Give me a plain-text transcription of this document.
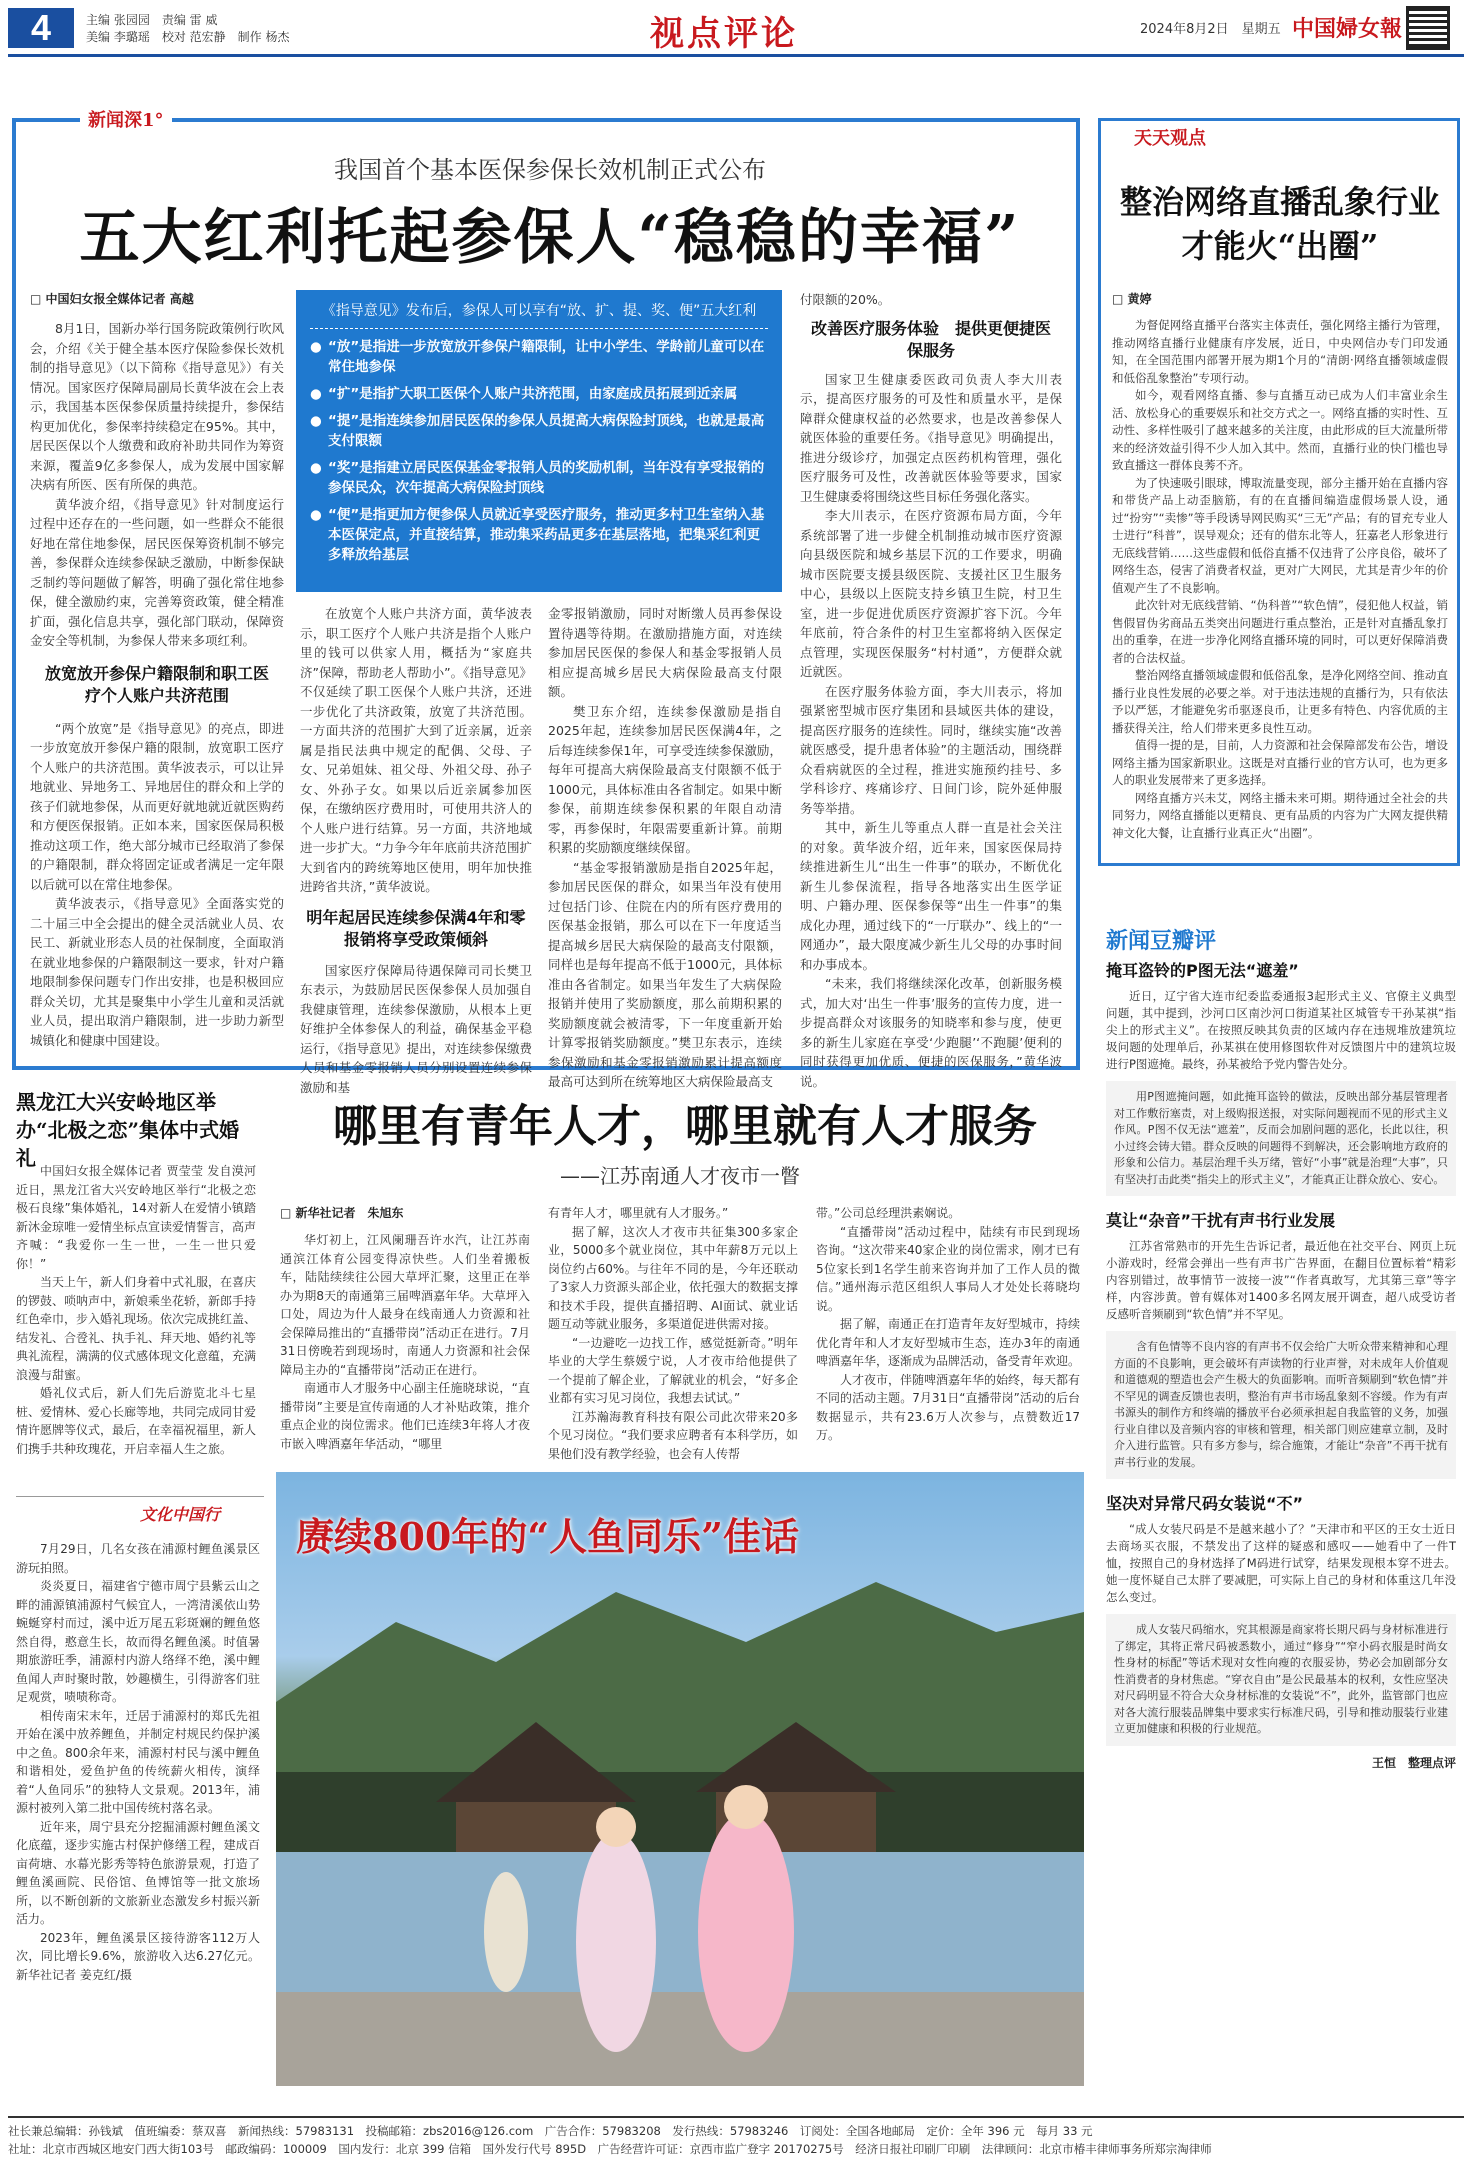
4	主编 张园园　责编 雷 威
美编 李璐瑶　校对 范宏静　制作 杨杰	视点评论	2024年8月2日　星期五 中国婦女報
新闻深1°
我国首个基本医保参保长效机制正式公布
五大红利托起参保人“稳稳的幸福”
□ 中国妇女报全媒体记者 高越

8月1日，国新办举行国务院政策例行吹风会，介绍《关于健全基本医疗保险参保长效机制的指导意见》（以下简称《指导意见》）有关情况。国家医疗保障局副局长黄华波在会上表示，我国基本医保参保质量持续提升，参保结构更加优化，参保率持续稳定在95%。其中，居民医保以个人缴费和政府补助共同作为筹资来源，覆盖9亿多参保人，成为发展中国家解决病有所医、医有所保的典范。

黄华波介绍，《指导意见》针对制度运行过程中还存在的一些问题，如一些群众不能很好地在常住地参保，居民医保筹资机制不够完善，参保群众连续参保缺乏激励，中断参保缺乏制约等问题做了解答，明确了强化常住地参保，健全激励约束，完善筹资政策，健全精准扩面，强化信息共享，强化部门联动，保障资金安全等机制，为参保人带来多项红利。

放宽放开参保户籍限制和职工医疗个人账户共济范围

“两个放宽”是《指导意见》的亮点，即进一步放宽放开参保户籍的限制，放宽职工医疗个人账户的共济范围。黄华波表示，可以让异地就业、异地务工、异地居住的群众和上学的孩子们就地参保，从而更好就地就近就医购药和方便医保报销。正如本来，国家医保局积极推动这项工作，绝大部分城市已经取消了参保的户籍限制，群众将固定证或者满足一定年限以后就可以在常住地参保。

黄华波表示，《指导意见》全面落实党的二十届三中全会提出的健全灵活就业人员、农民工、新就业形态人员的社保制度，全面取消在就业地参保的户籍限制这一要求，针对户籍地限制参保问题专门作出安排，也是积极回应群众关切，尤其是聚集中小学生儿童和灵活就业人员，提出取消户籍限制，进一步助力新型城镇化和健康中国建设。

《指导意见》发布后，参保人可以享有“放、扩、提、奖、便”五大红利
● “放”是指进一步放宽放开参保户籍限制，让中小学生、学龄前儿童可以在常住地参保
● “扩”是指扩大职工医保个人账户共济范围，由家庭成员拓展到近亲属
● “提”是指连续参加居民医保的参保人员提高大病保险封顶线，也就是最高支付限额
● “奖”是指建立居民医保基金零报销人员的奖励机制，当年没有享受报销的参保民众，次年提高大病保险封顶线
● “便”是指更加方便参保人员就近享受医疗服务，推动更多村卫生室纳入基本医保定点，并直接结算，推动集采药品更多在基层落地，把集采红利更多释放给基层

在放宽个人账户共济方面，黄华波表示，职工医疗个人账户共济是指个人账户里的钱可以供家人用，概括为“家庭共济”保障，帮助老人帮助小”。《指导意见》不仅延续了职工医保个人账户共济，还进一步优化了共济政策，放宽了共济范围。一方面共济的范围扩大到了近亲属，近亲属是指民法典中规定的配偶、父母、子女、兄弟姐妹、祖父母、外祖父母、孙子女、外孙子女。如果以后近亲属参加医保，在缴纳医疗费用时，可使用共济人的个人账户进行结算。另一方面，共济地域进一步扩大。“力争今年年底前共济范围扩大到省内的跨统筹地区使用，明年加快推进跨省共济，”黄华波说。

明年起居民连续参保满4年和零报销将享受政策倾斜

国家医疗保障局待遇保障司司长樊卫东表示，为鼓励居民医保参保人员加强自我健康管理，连续参保激励，从根本上更好维护全体参保人的利益，确保基金平稳运行，《指导意见》提出，对连续参保缴费人员和基金零报销人员分别设置连续参保激励和基

金零报销激励，同时对断缴人员再参保设置待遇等待期。在激励措施方面，对连续参加居民医保的参保人和基金零报销人员相应提高城乡居民大病保险最高支付限额。

樊卫东介绍，连续参保激励是指自2025年起，连续参加居民医保满4年，之后每连续参保1年，可享受连续参保激励，每年可提高大病保险最高支付限额不低于1000元，具体标准由各省制定。如果中断参保，前期连续参保积累的年限自动清零，再参保时，年限需要重新计算。前期积累的奖励额度继续保留。

“基金零报销激励是指自2025年起，参加居民医保的群众，如果当年没有使用过包括门诊、住院在内的所有医疗费用的医保基金报销，那么可以在下一年度适当提高城乡居民大病保险的最高支付限额，同样也是每年提高不低于1000元，具体标准由各省制定。如果当年发生了大病保险报销并使用了奖励额度，那么前期积累的奖励额度就会被清零，下一年度重新开始计算零报销奖励额度。”樊卫东表示，连续参保激励和基金零报销激励累计提高额度最高可达到所在统筹地区大病保险最高支

付限额的20%。

改善医疗服务体验　提供更便捷医保服务

国家卫生健康委医政司负责人李大川表示，提高医疗服务的可及性和质量水平，是保障群众健康权益的必然要求，也是改善参保人就医体验的重要任务。《指导意见》明确提出，推进分级诊疗，加强定点医药机构管理，强化医疗服务可及性，改善就医体验等要求，国家卫生健康委将围绕这些目标任务强化落实。

李大川表示，在医疗资源布局方面，今年系统部署了进一步健全机制推动城市医疗资源向县级医院和城乡基层下沉的工作要求，明确城市医院要支援县级医院、支援社区卫生服务中心，县级以上医院支持乡镇卫生院，村卫生室，进一步促进优质医疗资源扩容下沉。今年年底前，符合条件的村卫生室都将纳入医保定点管理，实现医保服务“村村通”，方便群众就近就医。

在医疗服务体验方面，李大川表示，将加强紧密型城市医疗集团和县域医共体的建设，提高医疗服务的连续性。同时，继续实施“改善就医感受，提升患者体验”的主题活动，围绕群众看病就医的全过程，推进实施预约挂号、多学科诊疗、疼痛诊疗、日间门诊，院外延伸服务等举措。

其中，新生儿等重点人群一直是社会关注的对象。黄华波介绍，近年来，国家医保局持续推进新生儿“出生一件事”的联办，不断优化新生儿参保流程，指导各地落实出生医学证明、户籍办理、医保参保等“出生一件事”的集成化办理，通过线下的“一厅联办”、线上的“一网通办”，最大限度减少新生儿父母的办事时间和办事成本。

“未来，我们将继续深化改革，创新服务模式，加大对‘出生一件事’服务的宣传力度，进一步提高群众对该服务的知晓率和参与度，使更多的新生儿家庭在享受‘少跑腿’‘不跑腿’便利的同时获得更加优质、便捷的医保服务，”黄华波说。

天天观点
整治网络直播乱象行业才能火“出圈”
□ 黄婷

为督促网络直播平台落实主体责任，强化网络主播行为管理，推动网络直播行业健康有序发展，近日，中央网信办专门印发通知，在全国范围内部署开展为期1个月的“清朗·网络直播领域虚假和低俗乱象整治”专项行动。

如今，观看网络直播、参与直播互动已成为人们丰富业余生活、放松身心的重要娱乐和社交方式之一。网络直播的实时性、互动性、多样性吸引了越来越多的关注度，由此形成的巨大流量所带来的经济效益引得不少人加入其中。然而，直播行业的快门槛也导致直播这一群体良莠不齐。

为了快速吸引眼球，博取流量变现，部分主播开始在直播内容和带货产品上动歪脑筋，有的在直播间编造虚假场景人设，通过“扮穷”“卖惨”等手段诱导网民购买“三无”产品；有的冒充专业人士进行“科普”，误导观众；还有的借东北等人，狂嘉老人形象进行无底线营销……这些虚假和低俗直播不仅违背了公序良俗，破坏了网络生态，侵害了消费者权益，更对广大网民，尤其是青少年的价值观产生了不良影响。

此次针对无底线营销、“伪科普”“软色情”，侵犯他人权益，销售假冒伪劣商品五类突出问题进行重点整治，正是针对直播乱象打出的重拳，在进一步净化网络直播环境的同时，可以更好保障消费者的合法权益。

整治网络直播领域虚假和低俗乱象，是净化网络空间、推动直播行业良性发展的必要之举。对于违法违规的直播行为，只有依法予以严惩，才能避免劣币驱逐良币，让更多有特色、内容优质的主播获得关注，给人们带来更多良性互动。

值得一提的是，目前，人力资源和社会保障部发布公告，增设网络主播为国家新职业。这既是对直播行业的官方认可，也为更多人的职业发展带来了更多选择。

网络直播方兴未艾，网络主播未来可期。期待通过全社会的共同努力，网络直播能以更精良、更有品质的内容为广大网友提供精神文化大餐，让直播行业真正火“出圈”。

新闻豆瓣评
掩耳盗铃的P图无法“遮羞”

近日，辽宁省大连市纪委监委通报3起形式主义、官僚主义典型问题，其中提到，沙河口区南沙河口街道某社区城管专干孙某祺“指尖上的形式主义”。在按照反映其负责的区域内存在违规堆放建筑垃圾问题的处理单后，孙某祺在使用修图软件对反馈图片中的建筑垃圾进行P图遮掩。最终，孙某被给予党内警告处分。

用P图遮掩问题，如此掩耳盗铃的做法，反映出部分基层管理者对工作敷衍塞责，对上级购报送报，对实际问题视而不见的形式主义作风。P图不仅无法“遮羞”，反而会加剧问题的恶化，长此以往，积小过终会铸大错。群众反映的问题得不到解决，还会影响地方政府的形象和公信力。基层治理千头万绪，管好“小事”就是治理“大事”，只有坚决打击此类“指尖上的形式主义”，才能真正让群众放心、安心。

莫让“杂音”干扰有声书行业发展

江苏省常熟市的开先生告诉记者，最近他在社交平台、网页上玩小游戏时，经常会弹出一些有声书广告界面，在翻目位置标着“精彩内容别错过，故事情节一波接一波”“作者真敢写，尤其第三章”等字样，内容涉黄。曾有媒体对1400多名网友展开调查，超八成受访者反感听音频刷到“软色情”并不罕见。

含有色情等不良内容的有声书不仅会给广大听众带来精神和心理方面的不良影响，更会破坏有声读物的行业声誉，对未成年人价值观和道德观的塑造也会产生极大的负面影响。而听音频刷到“软色情”并不罕见的调查反馈也表明，整治有声书市场乱象刻不容缓。作为有声书源头的制作方和终端的播放平台必须承担起自我监管的义务，加强行业自律以及音频内容的审核和管理，相关部门则应建章立制，及时介入进行监管。只有多方参与，综合施策，才能让“杂音”不再干扰有声书行业的发展。

坚决对异常尺码女装说“不”

“成人女装尺码是不是越来越小了？”天津市和平区的王女士近日去商场买衣服，不禁发出了这样的疑惑和感叹——她看中了一件T恤，按照自己的身材选择了M码进行试穿，结果发现根本穿不进去。她一度怀疑自己太胖了要减肥，可实际上自己的身材和体重这几年没怎么变过。

成人女装尺码缩水，究其根源是商家将长期尺码与身材标准进行了绑定，其将正常尺码被悉数小，通过“修身”“窄小码衣服是时尚女性身材的标配”等话术现对女性向瘦的衣服妥协，势必会加剧部分女性消费者的身材焦虑。“穿衣自由”是公民最基本的权利，女性应坚决对尺码明显不符合大众身材标准的女装说“不”，此外，监管部门也应对各大流行服装品牌集中要求实行标准尺码，引导和推动服装行业建立更加健康和积极的行业规范。

王恒　整理点评
黑龙江大兴安岭地区举办“北极之恋”集体中式婚礼

中国妇女报全媒体记者 贾莹莹 发自漠河　近日，黑龙江省大兴安岭地区举行“北极之恋 极石良缘”集体婚礼，14对新人在爱情小镇踏新沐金琼唯一爱情坐标点宣读爱情誓言，高声齐喊：“我爱你一生一世，一生一世只爱你！”

当天上午，新人们身着中式礼服，在喜庆的锣鼓、唢呐声中，新娘乘坐花轿，新郎手持红色牵巾，步入婚礼现场。依次完成挑红盖、结发礼、合卺礼、执手礼、拜天地、婚约礼等典礼流程，满满的仪式感体现文化意蕴，充满浪漫与甜蜜。

婚礼仪式后，新人们先后游览北斗七星桩、爱情林、爱心长廊等地，共同完成同甘爱情许愿牌等仪式，最后，在幸福祝福里，新人们携手共种玫瑰花，开启幸福人生之旅。

哪里有青年人才，哪里就有人才服务
——江苏南通人才夜市一瞥
□ 新华社记者　朱旭东

华灯初上，江风阑珊吾许水汽，让江苏南通滨江体育公园变得凉快些。人们坐着搬板车，陆陆续续往公园大草坪汇聚，这里正在举办为期8天的南通第三届啤酒嘉年华。大草坪入口处，周边为什人最身在线南通人力资源和社会保障局推出的“直播带岗”活动正在进行。7月31日傍晚若到现场时，南通人力资源和社会保障局主办的“直播带岗”活动正在进行。

南通市人才服务中心副主任施晓球说，“直播带岗”主要是宣传南通的人才补贴政策，推介重点企业的岗位需求。他们已连续3年将人才夜市嵌入啤酒嘉年华活动，“哪里

有青年人才，哪里就有人才服务。”

据了解，这次人才夜市共征集300多家企业，5000多个就业岗位，其中年薪8万元以上岗位约占60%。与往年不同的是，今年还联动了3家人力资源头部企业，依托强大的数据支撑和技术手段，提供直播招聘、AI面试、就业话题互动等就业服务，多渠道促进供需对接。

“一边避吃一边找工作，感觉挺新奇。”明年毕业的大学生蔡媛宁说，人才夜市给他提供了一个提前了解企业，了解就业的机会，“好多企业都有实习见习岗位，我想去试试。”

江苏瀚海教育科技有限公司此次带来20多个见习岗位。“我们要求应聘者有本科学历，如果他们没有教学经验，也会有人传帮

带。”公司总经理洪素娴说。

“直播带岗”活动过程中，陆续有市民到现场咨询。“这次带来40家企业的岗位需求，刚才已有5位家长到1名学生前来咨询并加了工作人员的微信。”通州海示范区组织人事局人才处处长蒋晓均说。

据了解，南通正在打造青年友好型城市，持续优化青年和人才友好型城市生态，连办3年的南通啤酒嘉年华，逐渐成为品牌活动，备受青年欢迎。

人才夜市，伴随啤酒嘉年华的始终，每天都有不同的活动主题。7月31日“直播带岗”活动的后台数据显示，共有23.6万人次参与，点赞数近17万。

文化中国行

7月29日，几名女孩在浦源村鲤鱼溪景区游玩拍照。

炎炎夏日，福建省宁德市周宁县紫云山之畔的浦源镇浦源村气候宜人，一湾清溪依山势蜿蜒穿村而过，溪中近万尾五彩斑斓的鲤鱼悠然自得，憨意生长，故而得名鲤鱼溪。时值暑期旅游旺季，浦源村内游人络绎不绝，溪中鲤鱼闻人声时聚时散，妙趣横生，引得游客们驻足观赏，啧啧称奇。

相传南宋末年，迁居于浦源村的郑氏先祖开始在溪中放养鲤鱼，并制定村规民约保护溪中之鱼。800余年来，浦源村村民与溪中鲤鱼和谐相处，爱鱼护鱼的传统薪火相传，演绎着“人鱼同乐”的独特人文景观。2013年，浦源村被列入第二批中国传统村落名录。

近年来，周宁县充分挖掘浦源村鲤鱼溪文化底蕴，逐步实施古村保护修缮工程，建成百亩荷塘、水幕光影秀等特色旅游景观，打造了鲤鱼溪画院、民俗馆、鱼博馆等一批文旅场所，以不断创新的文旅新业态激发乡村振兴新活力。

2023年，鲤鱼溪景区接待游客112万人次，同比增长9.6%，旅游收入达6.27亿元。新华社记者 姜克红/摄

赓续800年的“人鱼同乐”佳话
社长兼总编辑：孙钱斌　值班编委：蔡双喜　新闻热线：57983131　投稿邮箱：zbs2016@126.com　广告合作：57983208　发行热线：57983246　订阅处：全国各地邮局　定价：全年 396 元　每月 33 元
社址：北京市西城区地安门西大街103号　邮政编码：100009　国内发行：北京 399 信箱　国外发行代号 895D　广告经营许可证：京西市监广登字 20170275号　经济日报社印刷厂印刷　法律顾问：北京市椿丰律师事务所郑宗淘律师
